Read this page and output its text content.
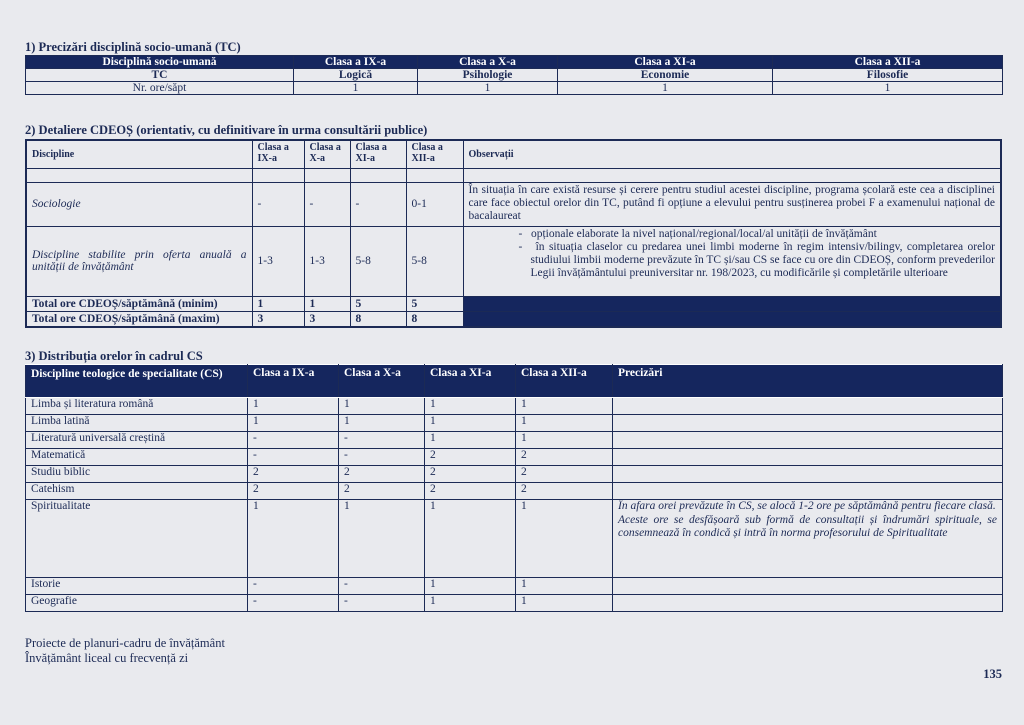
1) Precizări disciplină socio-umană (TC)
Disciplină socio-umană	Clasa a IX-a	Clasa a X-a	Clasa a XI-a	Clasa a XII-a
TC	Logică	Psihologie	Economie	Filosofie
Nr. ore/săpt	1	1	1	1
2) Detaliere CDEOȘ (orientativ, cu definitivare în urma consultării publice)
Discipline	Clasa a IX-a	Clasa a X-a	Clasa a XI-a	Clasa a XII-a	Observații

Sociologie	-	-	-	0-1	În situația în care există resurse și cerere pentru studiul acestei discipline, programa școlară este cea a disciplinei care face obiectul orelor din TC, putând fi opțiune a elevului pentru susținerea probei F a examenului național de bacalaureat
Discipline stabilite prin oferta anuală a unității de învățământ	1-3	1-3	5-8	5-8	-   opționale elaborate la nivel național/regional/local/al unității de învățământ
-   în situația claselor cu predarea unei limbi moderne în regim intensiv/bilingv, completarea orelor studiului limbii moderne prevăzute în TC și/sau CS se face cu ore din CDEOȘ, conform prevederilor Legii învățământului preuniversitar nr. 198/2023, cu modificările și completările ulterioare

Total ore CDEOȘ/săptămână (minim)	1	1	5	5	
Total ore CDEOȘ/săptămână (maxim)	3	3	8	8	
3) Distribuția orelor în cadrul CS
Discipline teologice de specialitate (CS)	Clasa a IX-a	Clasa a X-a	Clasa a XI-a	Clasa a XII-a	Precizări
Limba și literatura română	1	1	1	1	
Limba latină	1	1	1	1	
Literatură universală creștină	-	-	1	1	
Matematică	-	-	2	2	
Studiu biblic	2	2	2	2	
Catehism	2	2	2	2	
Spiritualitate	1	1	1	1	În afara orei prevăzute în CS, se alocă 1-2 ore pe săptămână pentru fiecare clasă.
Aceste ore se desfășoară sub formă de consultații și îndrumări spirituale, se consemnează în condică și intră în norma profesorului de Spiritualitate

Istorie	-	-	1	1	
Geografie	-	-	1	1	
Proiecte de planuri-cadru de învățământ
Învățământ liceal cu frecvență zi
135
